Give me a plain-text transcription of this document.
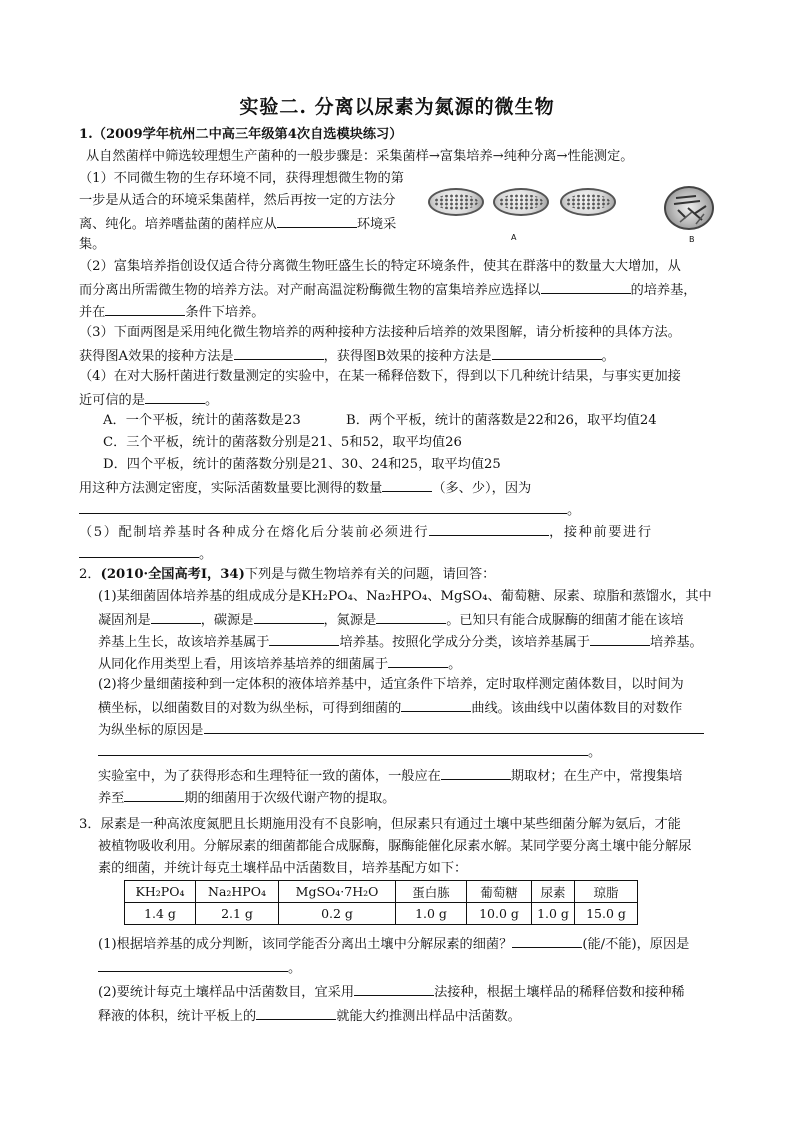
实验二. 分离以尿素为氮源的微生物
1.（2009学年杭州二中高三年级第4次自选模块练习）
从自然菌样中筛选较理想生产菌种的一般步骤是：采集菌样→富集培养→纯种分离→性能测定。
（1）不同微生物的生存环境不同，获得理想微生物的第
一步是从适合的环境采集菌样，然后再按一定的方法分
离、纯化。培养嗜盐菌的菌样应从	环境采
集。	A	B
（2）富集培养指创设仅适合待分离微生物旺盛生长的特定环境条件，使其在群落中的数量大大增加，从
而分离出所需微生物的培养方法。对产耐高温淀粉酶微生物的富集培养应选择以	的培养基，
并在	条件下培养。
（3）下面两图是采用纯化微生物培养的两种接种方法接种后培养的效果图解，请分析接种的具体方法。
获得图A效果的接种方法是	，获得图B效果的接种方法是	。
（4）在对大肠杆菌进行数量测定的实验中，在某一稀释倍数下，得到以下几种统计结果，与事实更加接
近可信的是	。
A．一个平板，统计的菌落数是23	B．两个平板，统计的菌落数是22和26，取平均值24
C．三个平板，统计的菌落数分别是21、5和52，取平均值26
D．四个平板，统计的菌落数分别是21、30、24和25，取平均值25
用这种方法测定密度，实际活菌数量要比测得的数量	（多、少），因为
。
（5）配制培养基时各种成分在熔化后分装前必须进行	，接种前要进行
。
2．(2010·全国高考Ⅰ，34)下列是与微生物培养有关的问题，请回答：
(1)某细菌固体培养基的组成成分是KH₂PO₄、Na₂HPO₄、MgSO₄、葡萄糖、尿素、琼脂和蒸馏水，其中
凝固剂是	，碳源是	，氮源是	。已知只有能合成脲酶的细菌才能在该培
养基上生长，故该培养基属于	培养基。按照化学成分分类，该培养基属于	培养基。
从同化作用类型上看，用该培养基培养的细菌属于	。
(2)将少量细菌接种到一定体积的液体培养基中，适宜条件下培养，定时取样测定菌体数目，以时间为
横坐标，以细菌数目的对数为纵坐标，可得到细菌的	曲线。该曲线中以菌体数目的对数作
为纵坐标的原因是
。
实验室中，为了获得形态和生理特征一致的菌体，一般应在	期取材；在生产中，常搜集培
养至	期的细菌用于次级代谢产物的提取。
3．尿素是一种高浓度氮肥且长期施用没有不良影响，但尿素只有通过土壤中某些细菌分解为氨后，才能
被植物吸收利用。分解尿素的细菌都能合成脲酶，脲酶能催化尿素水解。某同学要分离土壤中能分解尿
素的细菌，并统计每克土壤样品中活菌数目，培养基配方如下：
KH₂PO₄	Na₂HPO₄	MgSO₄·7H₂O	蛋白胨	葡萄糖	尿素	琼脂
1.4 g	2.1 g	0.2 g	1.0 g	10.0 g	1.0 g	15.0 g
(1)根据培养基的成分判断，该同学能否分离出土壤中分解尿素的细菌？	(能/不能)，原因是
。
(2)要统计每克土壤样品中活菌数目，宜采用	法接种，根据土壤样品的稀释倍数和接种稀
释液的体积，统计平板上的	就能大约推测出样品中活菌数。
